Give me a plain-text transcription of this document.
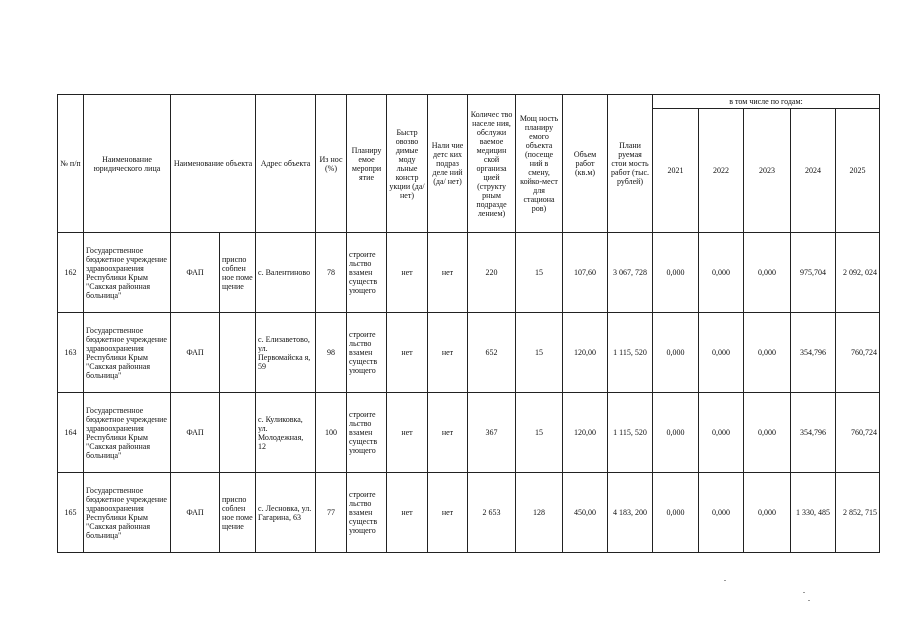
№ п/п	Наименование юридического лица	Наименование объекта		Адрес объекта	Из нос (%)	Планиру емое меропри ятие	Быстр овозво димые моду льные констр укции (да/ нет)	Нали чие детс ких подраз деле ний (да/ нет)	Количес тво населе ния, обслужи ваемое медицин ской организа цией (структу рным подразде лением)	Мощ ность планиру емого объекта (посеще ний в смену, койко-мест для стациона ров)	Объем работ (кв.м)	Плани руемая стои мость работ (тыс. рублей)	в том числе по годам:				
													2021	2022	2023	2024	2025
162	Государственное бюджетное учреждение здравоохранения Республики Крым "Сакская районная больница"	ФАП	приспо собпен ное поме щение	с. Валентиново	78	строите льство взамен существ ующего	нет	нет	220	15	107,60	3 067, 728	0,000	0,000	0,000	975,704	2 092, 024
163	Государственное бюджетное учреждение здравоохранения Республики Крым "Сакская районная больница"	ФАП		с. Елизаветово, ул. Первомайска я, 59	98	строите льство взамен существ ующего	нет	нет	652	15	120,00	1 115, 520	0,000	0,000	0,000	354,796	760,724
164	Государственное бюджетное учреждение здравоохранения Республики Крым "Сакская районная больница"	ФАП		с. Куликовка, ул. Молодежная, 12	100	строите льство взамен существ ующего	нет	нет	367	15	120,00	1 115, 520	0,000	0,000	0,000	354,796	760,724
165	Государственное бюджетное учреждение здравоохранения Республики Крым "Сакская районная больница"	ФАП	приспо соблен ное поме щение	с. Лесновка, ул. Гагарина, 63	77	строите льство взамен существ ующего	нет	нет	2 653	128	450,00	4 183, 200	0,000	0,000	0,000	1 330, 485	2 852, 715
